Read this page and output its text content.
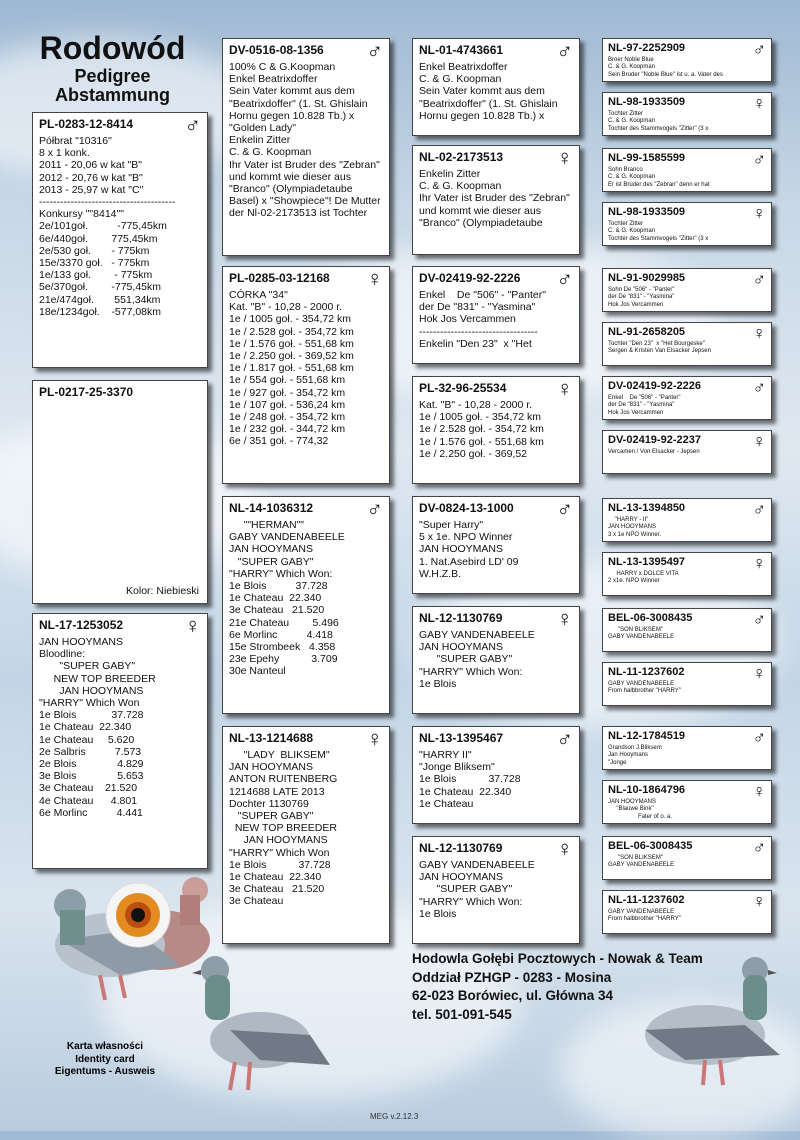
Rodowód
Pedigree
Abstammung
PL-0283-12-8414	♂
Półbrat "10316"
8 x 1 konk.
2011 - 20,06 w kat "B"
2012 - 20,76 w kat "B"
2013 - 25,97 w kat "C"
---------------------------------------
Konkursy ""8414""
2e/101goł.          -775,45km
6e/440goł.        775,45km
2e/530 goł.       - 775km
15e/3370 goł.   - 775km
1e/133 goł.        - 775km
5e/370goł.        -775,45km
21e/474goł.       551,34km
18e/1234goł.    -577,08km
PL-0217-25-3370
Kolor: Niebieski
NL-17-1253052	♀
JAN HOOYMANS
Bloodline:
"SUPER GABY"
NEW TOP BREEDER
JAN HOOYMANS
"HARRY" Which Won
1e Blois            37.728
1e Chateau  22.340
1e Chateau     5.620
2e Salbris          7.573
2e Blois              4.829
3e Blois              5.653
3e Chateau    21.520
4e Chateau      4.801
6e Morlinc          4.441
DV-0516-08-1356	♂
100% C & G.Koopman
Enkel Beatrixdoffer
Sein Vater kommt aus dem
"Beatrixdoffer" (1. St. Ghislain
Hornu gegen 10.828 Tb.) x
"Golden Lady"
Enkelin Zitter
C. & G. Koopman
Ihr Vater ist Bruder des "Zebran"
und kommt wie dieser aus
"Branco" (Olympiadetaube
Basel) x "Showpiece"! De Mutter
der Nl-02-2173513 ist Tochter
PL-0285-03-12168	♀
CÓRKA "34"
Kat. "B" - 10,28 - 2000 r.
1e / 1005 goł. - 354,72 km
1e / 2.528 goł. - 354,72 km
1e / 1.576 goł. - 551,68 km
1e / 2.250 goł. - 369,52 km
1e / 1.817 goł. - 551,68 km
1e / 554 goł. - 551,68 km
1e / 927 goł. - 354,72 km
1e / 107 goł. - 536,24 km
1e / 248 goł. - 354,72 km
1e / 232 goł. - 344,72 km
6e / 351 goł. - 774,32
NL-14-1036312	♂
""HERMAN""
GABY VANDENABEELE
JAN HOOYMANS
"SUPER GABY"
"HARRY" Which Won:
1e Blois          37.728
1e Chateau  22.340
3e Chateau   21.520
21e Chateau        5.496
6e Morlinc          4.418
15e Strombeek   4.358
23e Epehy           3.709
30e Nanteul
NL-13-1214688	♀
"LADY  BLIKSEM"
JAN HOOYMANS
ANTON RUITENBERG
1214688 LATE 2013
Dochter 1130769
"SUPER GABY"
NEW TOP BREEDER
JAN HOOYMANS
"HARRY" Which Won
1e Blois           37.728
1e Chateau  22.340
3e Chateau   21.520
3e Chateau
NL-01-4743661	♂
Enkel Beatrixdoffer
C. & G. Koopman
Sein Vater kommt aus dem
"Beatrixdoffer" (1. St. Ghislain
Hornu gegen 10.828 Tb.) x
NL-02-2173513	♀
Enkelin Zitter
C. & G. Koopman
Ihr Vater ist Bruder des "Zebran"
und kommt wie dieser aus
"Branco" (Olympiadetaube
DV-02419-92-2226	♂
Enkel    De "506" - "Panter"
der De "831" - "Yasmina"
Hok Jos Vercammen
----------------------------------
Enkelin "Den 23"  x "Het
PL-32-96-25534	♀
Kat. "B" - 10,28 - 2000 r.
1e / 1005 goł. - 354,72 km
1e / 2.528 goł. - 354,72 km
1e / 1.576 goł. - 551,68 km
1e / 2.250 goł. - 369,52
DV-0824-13-1000	♂
"Super Harry"
5 x 1e. NPO Winner
JAN HOOYMANS
1. Nat.Asebird LD' 09
W.H.Z.B.
NL-12-1130769	♀
GABY VANDENABEELE
JAN HOOYMANS
"SUPER GABY"
"HARRY" Which Won:
1e Blois
NL-13-1395467	♂
"HARRY II"
"Jonge Bliksem"
1e Blois           37.728
1e Chateau  22.340
1e Chateau
NL-12-1130769	♀
GABY VANDENABEELE
JAN HOOYMANS
"SUPER GABY"
"HARRY" Which Won:
1e Blois
NL-97-2252909	♂
Broer Noble Blue
C. & G. Koopman
Sein Bruder "Noble Blue" ist u. a. Vater des
NL-98-1933509	♀
Tochter Zitter
C. & G. Koopman
Tochter des Stammvogels "Zitter" (3 x
NL-99-1585599	♂
Sohn Branco
C. & G. Koopman
Er ist Bruder des "Zebran" denn er hat
NL-98-1933509	♀
Tochter Zitter
C. & G. Koopman
Tochter des Stammvogels "Zitter" (3 x
NL-91-9029985	♂
Sohn De "506" - "Panter"
der De "831" - "Yasmina"
Hok Jos Vercammen
NL-91-2658205	♀
Tochter "Den 23"  x "Het Bourgeske"
Sergen & Kristen Van Elsacker Jepsen
DV-02419-92-2226	♂
Enkel    De "506" - "Panter"
der De "831" - "Yasmina"
Hok Jos Vercammen
DV-02419-92-2237	♀
Vercamen / Von Elsacker - Jepsen
NL-13-1394850	♂
"HARRY - II"
JAN HOOYMANS
3 x 1e NPO Winner.
NL-13-1395497	♀
HARRY x DOLCE VITA
2 x1e. NPO Winner
BEL-06-3008435	♂
"SON BLIKSEM"
GABY VANDENABEELE
NL-11-1237602	♀
GABY VANDENABEELE
From halbbrother "HARRY"
NL-12-1784519	♂
Grandson J.Bliksem
Jan Hooymans
"Jonge
NL-10-1864796	♀
JAN HOOYMANS
"Blauwe Bink"
Fater of o. a.
BEL-06-3008435	♂
"SON BLIKSEM"
GABY VANDENABEELE
NL-11-1237602	♀
GABY VANDENABEELE
From halbbrother "HARRY"
Hodowla Gołębi Pocztowych - Nowak & Team
Oddział PZHGP - 0283 - Mosina
62-023 Borówiec, ul. Główna 34
tel. 501-091-545
Karta własności
Identity card
Eigentums - Ausweis
MEG v.2.12.3
